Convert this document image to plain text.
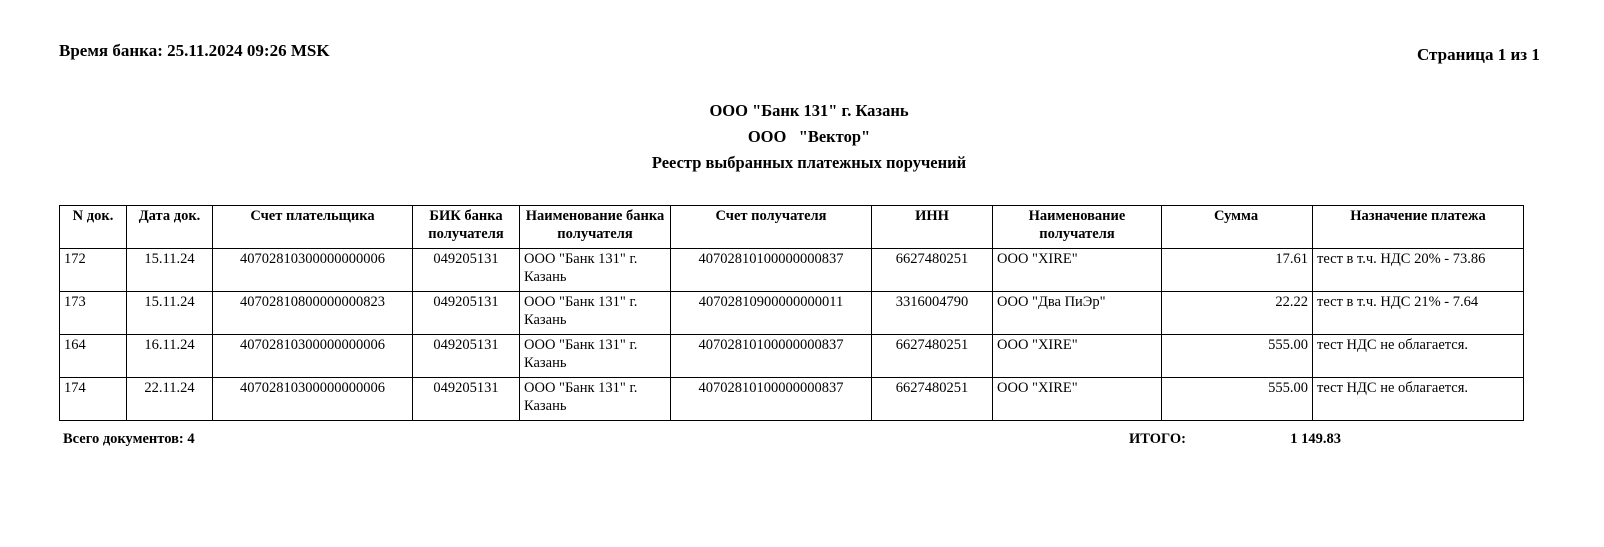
Время банка: 25.11.2024 09:26 MSK	Страница 1 из 1
ООО "Банк 131" г. Казань
ООО   "Вектор"
Реестр выбранных платежных поручений
N док.	Дата док.	Счет плательщика	БИК банка получателя	Наименование банка получателя	Счет получателя	ИНН	Наименование получателя	Сумма	Назначение платежа
172	15.11.24	40702810300000000006	049205131	ООО "Банк 131" г. Казань	40702810100000000837	6627480251	ООО "XIRE"	17.61	тест в т.ч. НДС 20% - 73.86
173	15.11.24	40702810800000000823	049205131	ООО "Банк 131" г. Казань	40702810900000000011	3316004790	ООО "Два ПиЭр"	22.22	тест в т.ч. НДС 21% - 7.64
164	16.11.24	40702810300000000006	049205131	ООО "Банк 131" г. Казань	40702810100000000837	6627480251	ООО "XIRE"	555.00	тест НДС не облагается.
174	22.11.24	40702810300000000006	049205131	ООО "Банк 131" г. Казань	40702810100000000837	6627480251	ООО "XIRE"	555.00	тест НДС не облагается.
Всего документов: 4	ИТОГО:	1 149.83
